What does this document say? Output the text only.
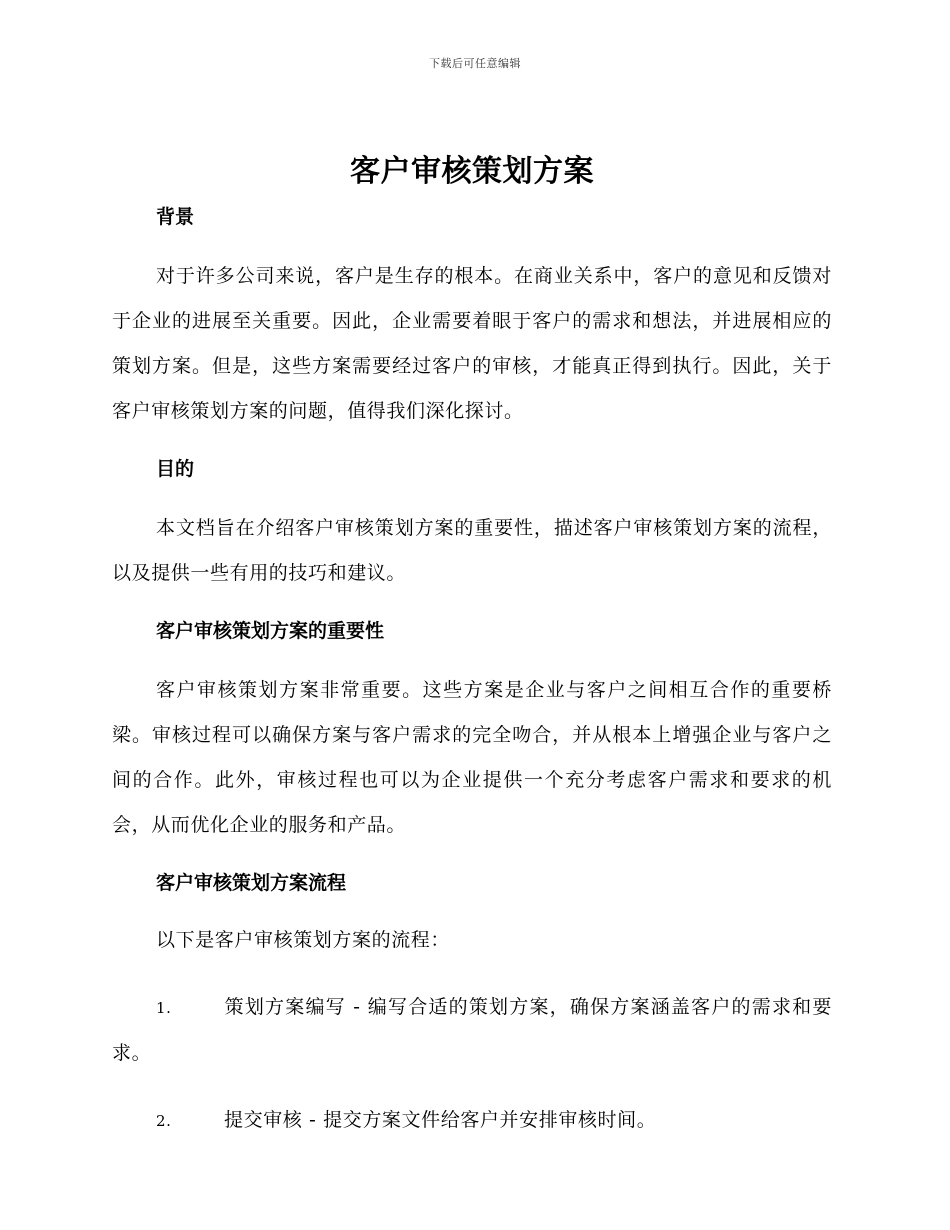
下载后可任意编辑
客户审核策划方案
背景

对于许多公司来说，客户是生存的根本。在商业关系中，客户的意见和反馈对于企业的进展至关重要。因此，企业需要着眼于客户的需求和想法，并进展相应的策划方案。但是，这些方案需要经过客户的审核，才能真正得到执行。因此，关于客户审核策划方案的问题，值得我们深化探讨。

目的

本文档旨在介绍客户审核策划方案的重要性，描述客户审核策划方案的流程，以及提供一些有用的技巧和建议。

客户审核策划方案的重要性

客户审核策划方案非常重要。这些方案是企业与客户之间相互合作的重要桥梁。审核过程可以确保方案与客户需求的完全吻合，并从根本上增强企业与客户之间的合作。此外，审核过程也可以为企业提供一个充分考虑客户需求和要求的机会，从而优化企业的服务和产品。

客户审核策划方案流程

以下是客户审核策划方案的流程：

1.	策划方案编写 - 编写合适的策划方案，确保方案涵盖客户的需求和要求。

2.	提交审核 - 提交方案文件给客户并安排审核时间。
